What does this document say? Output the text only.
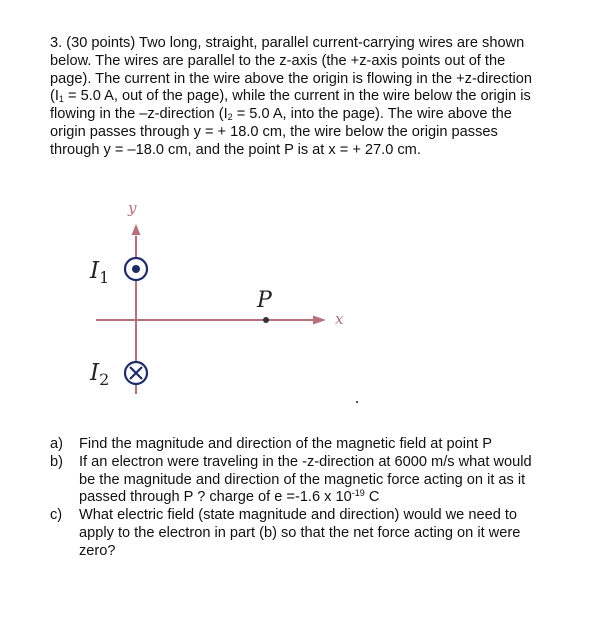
3. (30 points) Two long, straight, parallel current-carrying wires are shown
below. The wires are parallel to the z-axis (the +z-axis points out of the
page). The current in the wire above the origin is flowing in the +z-direction
($I_1 = 5.0$ A, out of the page), while the current in the wire below the origin is
flowing in the –z-direction ($I_2 = 5.0$ A, into the page). The wire above the
origin passes through y = + 18.0 cm, the wire below the origin passes
through y = –18.0 cm, and the point P is at x = + 27.0 cm.

y
x
$I_1$
$I_2$
P
a) Find the magnitude and direction of the magnetic field at point P
b) If an electron were traveling in the -z-direction at 6000 m/s what would
be the magnitude and direction of the magnetic force acting on it as it
passed through P ? charge of e =-1.6 x $10^{-19}$ C
c) What electric field (state magnitude and direction) would we need to
apply to the electron in part (b) so that the net force acting on it were
zero?
